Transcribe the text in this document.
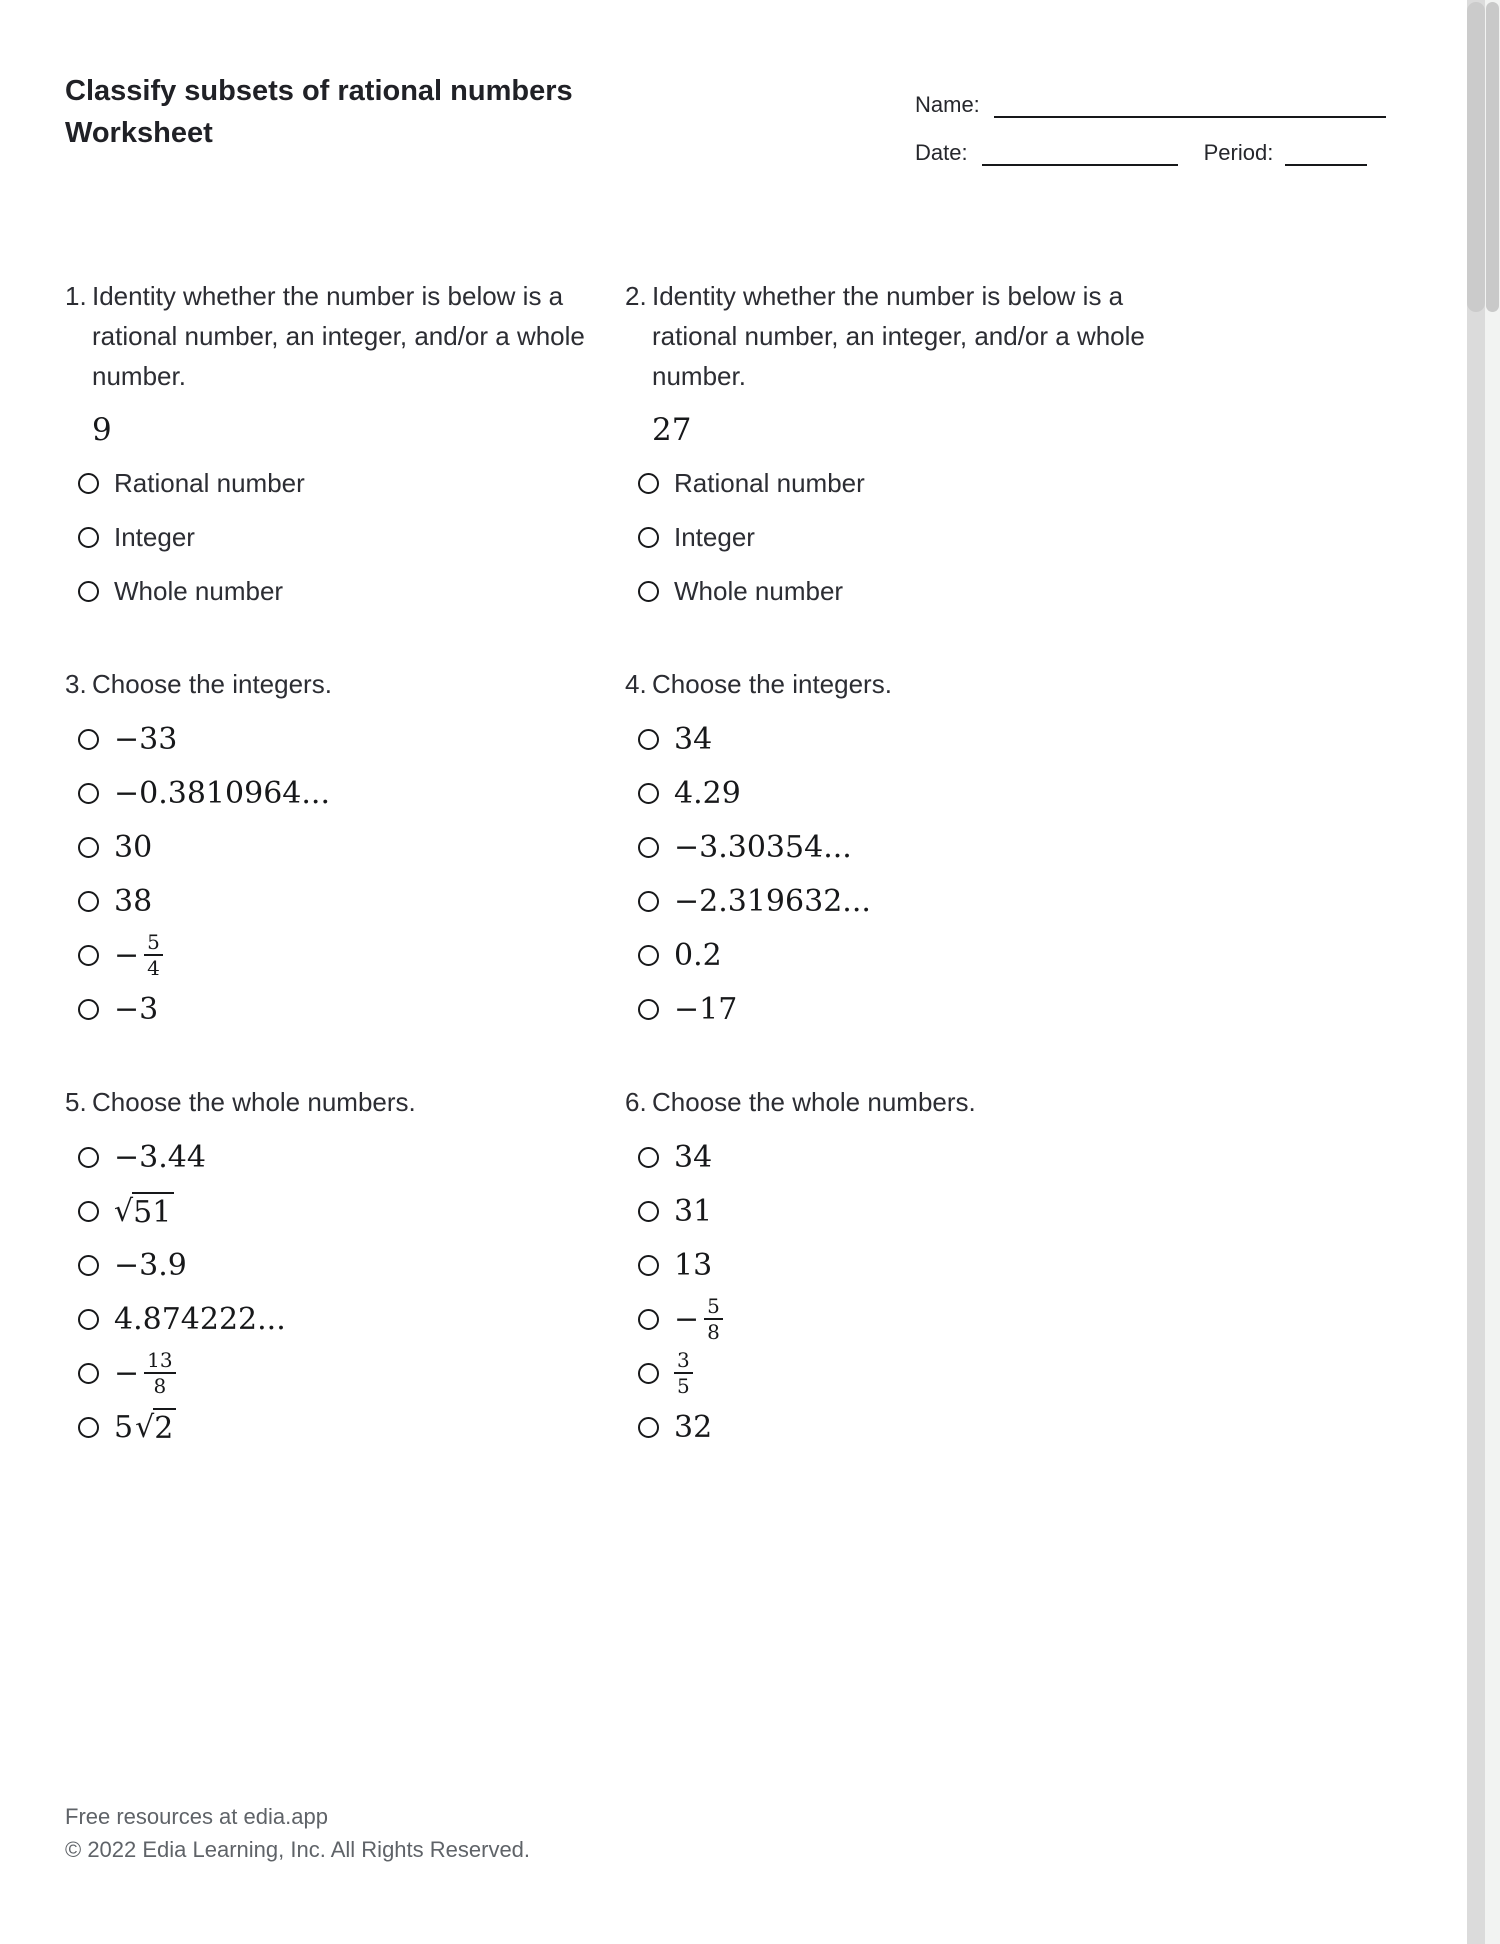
Classify subsets of rational numbers
Worksheet
Name:
Date:	Period:
1. Identity whether the number is below is a
rational number, an integer, and/or a whole
number.
9
Rational number
Integer
Whole number
2. Identity whether the number is below is a
rational number, an integer, and/or a whole
number.
27
Rational number
Integer
Whole number
3. Choose the integers.
−33
−0.3810964...
30
38
− $\frac{5}{4}$
−3
4. Choose the integers.
34
4.29
−3.30354...
−2.319632...
0.2
−17
5. Choose the whole numbers.
−3.44
√ 51
−3.9
4.874222...
− $\frac{13}{8}$
5 √ 2
6. Choose the whole numbers.
34
31
13
− $\frac{5}{8}$
$\frac{3}{5}$
32
Free resources at edia.app
© 2022 Edia Learning, Inc. All Rights Reserved.
